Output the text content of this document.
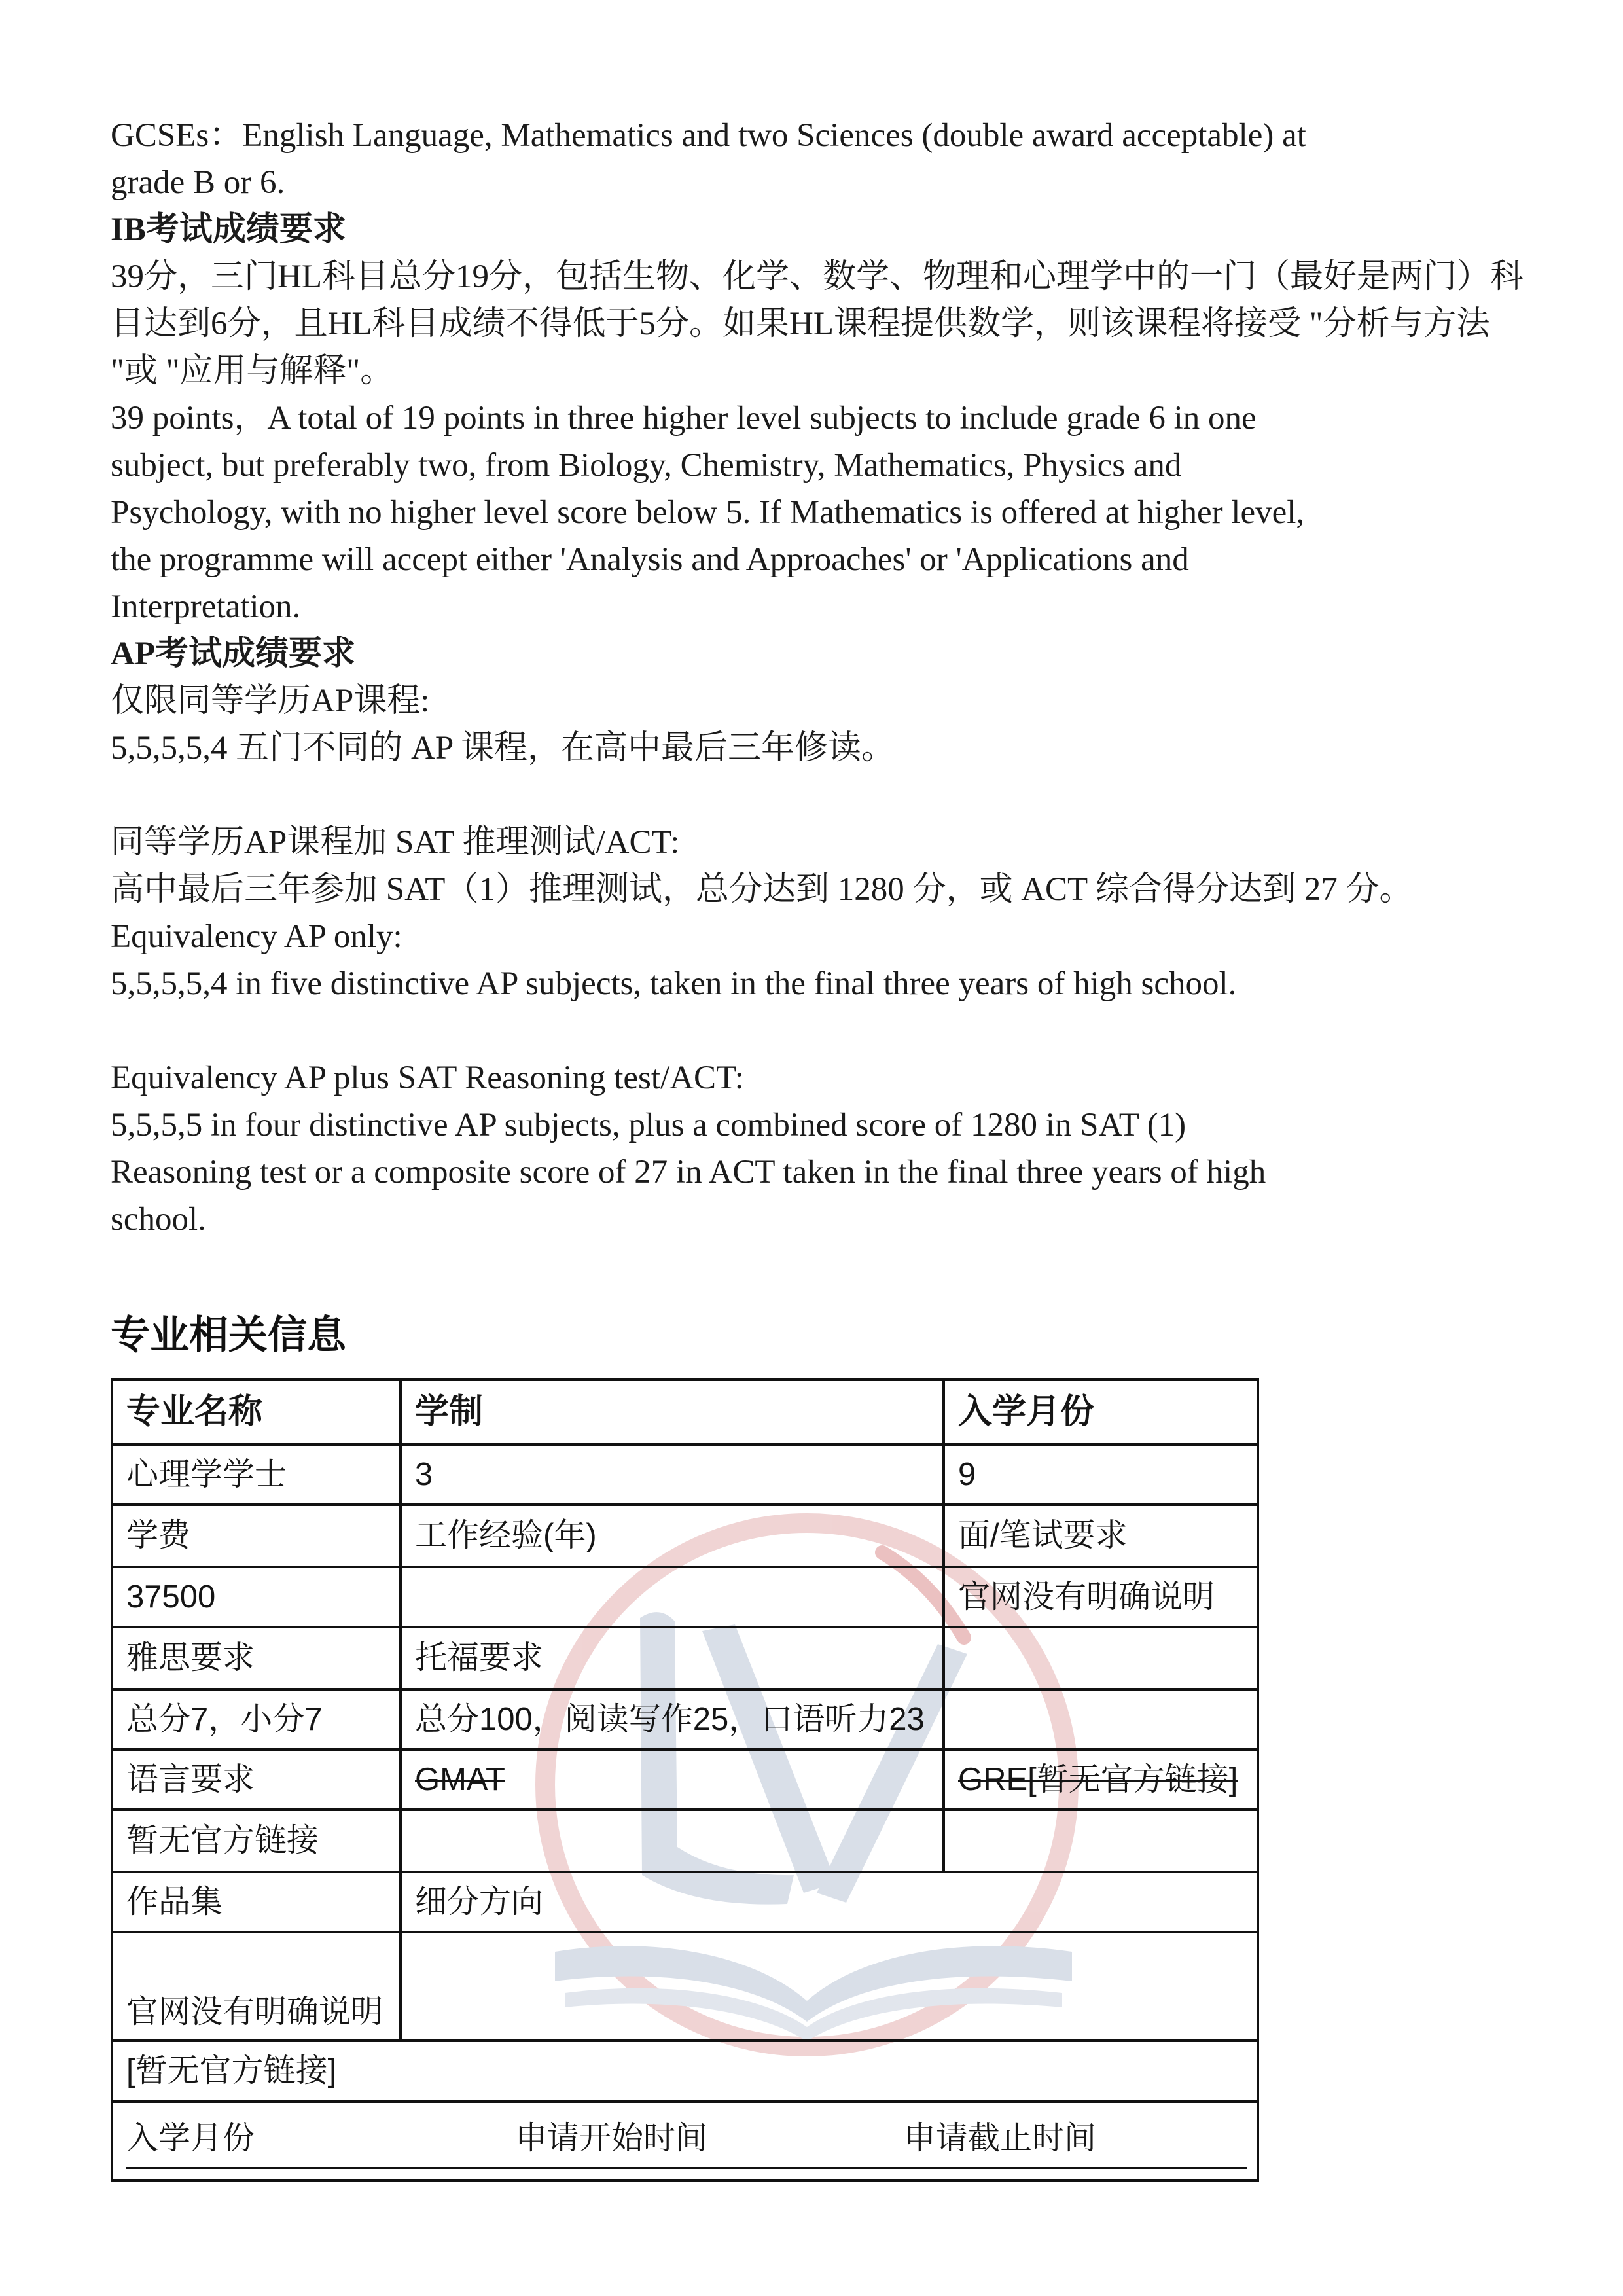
GCSEs：English Language, Mathematics and two Sciences (double award acceptable) at
grade B or 6.
IB考试成绩要求
39分，三门HL科目总分19分，包括生物、化学、数学、物理和心理学中的一门（最好是两门）科
目达到6分，且HL科目成绩不得低于5分。如果HL课程提供数学，则该课程将接受 "分析与方法
"或 "应用与解释"。
39 points，A total of 19 points in three higher level subjects to include grade 6 in one
subject, but preferably two, from Biology, Chemistry, Mathematics, Physics and
Psychology, with no higher level score below 5. If Mathematics is offered at higher level,
the programme will accept either 'Analysis and Approaches' or 'Applications and
Interpretation.
AP考试成绩要求
仅限同等学历AP课程:
5,5,5,5,4 五门不同的 AP 课程，在高中最后三年修读。
同等学历AP课程加 SAT 推理测试/ACT:
高中最后三年参加 SAT（1）推理测试，总分达到 1280 分，或 ACT 综合得分达到 27 分。
Equivalency AP only:
5,5,5,5,4 in five distinctive AP subjects, taken in the final three years of high school.
Equivalency AP plus SAT Reasoning test/ACT:
5,5,5,5 in four distinctive AP subjects, plus a combined score of 1280 in SAT (1)
Reasoning test or a composite score of 27 in ACT taken in the final three years of high
school.
专业相关信息
专业名称	学制	入学月份
心理学学士	3	9
学费	工作经验(年)	面/笔试要求
37500		官网没有明确说明
雅思要求	托福要求	
总分7，小分7	总分100，阅读写作25，口语听力23	
语言要求	GMAT	GRE[暂无官方链接]
暂无官方链接		
作品集	细分方向	
官网没有明确说明		
[暂无官方链接]		

入学月份 申请开始时间 申请截止时间		
